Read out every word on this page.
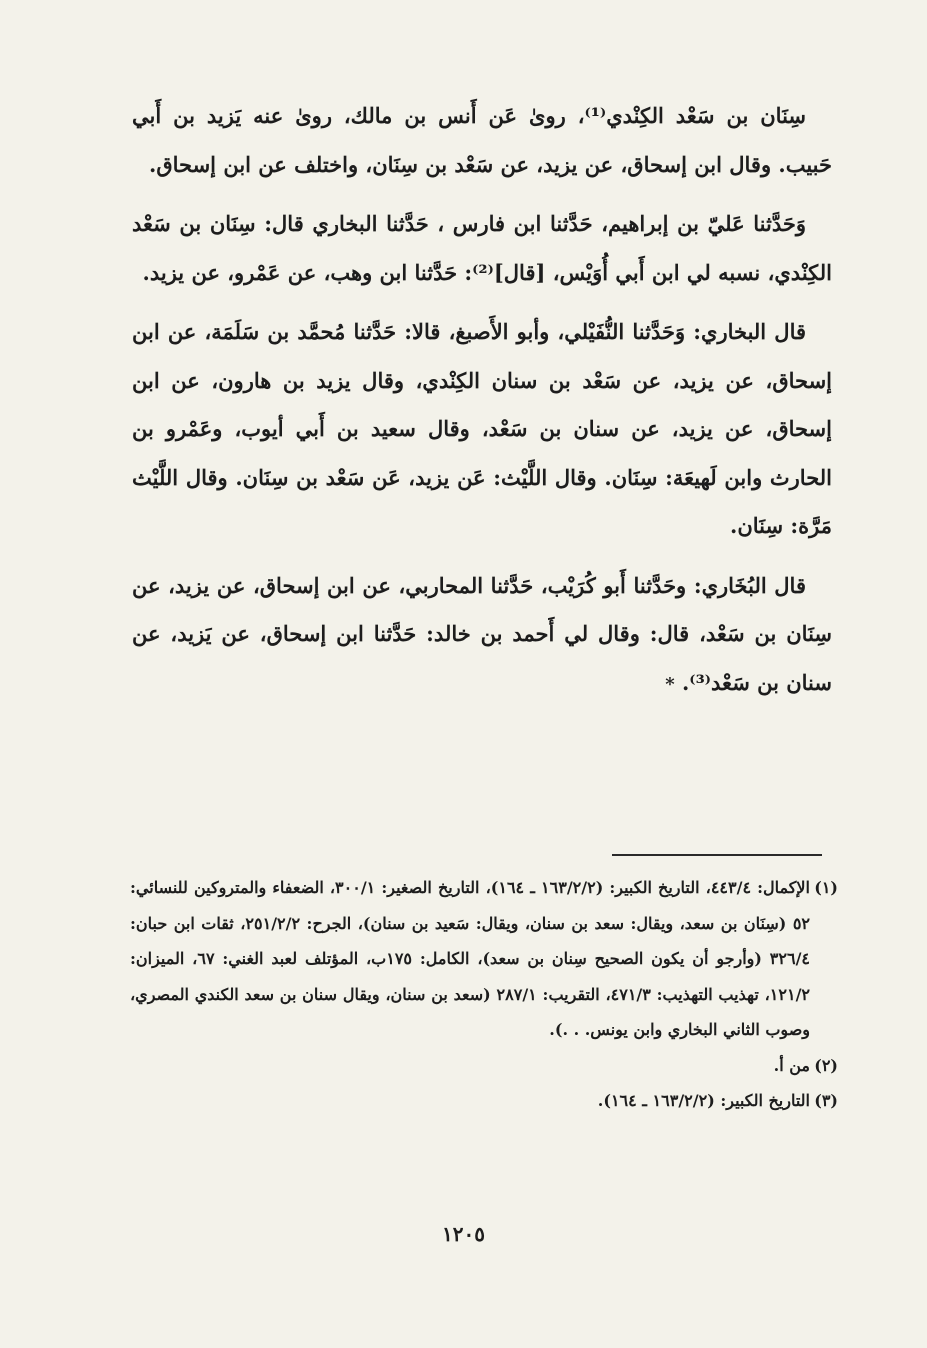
سِنَان بن سَعْد الكِنْدي⁽¹⁾، روىٰ عَن أَنس بن مالك، روىٰ عنه يَزيد بن أَبي حَبيب. وقال ابن إسحاق، عن يزيد، عن سَعْد بن سِنَان، واختلف عن ابن إسحاق.

وَحَدَّثنا عَليّ بن إبراهيم، حَدَّثنا ابن فارس ، حَدَّثنا البخاري قال: سِنَان بن سَعْد الكِنْدي، نسبه لي ابن أَبي أُوَيْس، [قال]⁽²⁾: حَدَّثنا ابن وهب، عن عَمْرو، عن يزيد.

قال البخاري: وَحَدَّثنا النُّفَيْلي، وأبو الأَصبغ، قالا: حَدَّثنا مُحمَّد بن سَلَمَة، عن ابن إسحاق، عن يزيد، عن سَعْد بن سنان الكِنْدي، وقال يزيد بن هارون، عن ابن إسحاق، عن يزيد، عن سنان بن سَعْد، وقال سعيد بن أَبي أيوب، وعَمْرو بن الحارث وابن لَهيعَة: سِنَان. وقال اللَّيْث: عَن يزيد، عَن سَعْد بن سِنَان. وقال اللَّيْث مَرَّة: سِنَان.

قال البُخَاري: وحَدَّثنا أَبو كُرَيْب، حَدَّثنا المحاربي، عن ابن إسحاق، عن يزيد، عن سِنَان بن سَعْد، قال: وقال لي أَحمد بن خالد: حَدَّثنا ابن إسحاق، عن يَزيد، عن سنان بن سَعْد⁽³⁾. *

(١)
الإكمال: ٤٤٣/٤، التاريخ الكبير: (١٦٣/٢/٢ ـ ١٦٤)، التاريخ الصغير: ٣٠٠/١، الضعفاء والمتروكين للنسائي: ٥٢ (سِنَان بن سعد، ويقال: سعد بن سنان، ويقال: سَعيد بن سنان)، الجرح: ٢٥١/٢/٢، ثقات ابن حبان: ٣٢٦/٤ (وأرجو أن يكون الصحيح سِنان بن سعد)، الكامل: ١٧٥ب، المؤتلف لعبد الغني: ٦٧، الميزان: ١٢١/٢، تهذيب التهذيب: ٤٧١/٣، التقريب: ٢٨٧/١ (سعد بن سنان، ويقال سنان بن سعد الكندي المصري، وصوب الثاني البخاري وابن يونس. . .).

(٢)
من أ.

(٣)
التاريخ الكبير: (١٦٣/٢/٢ ـ ١٦٤).

١٢٠٥
